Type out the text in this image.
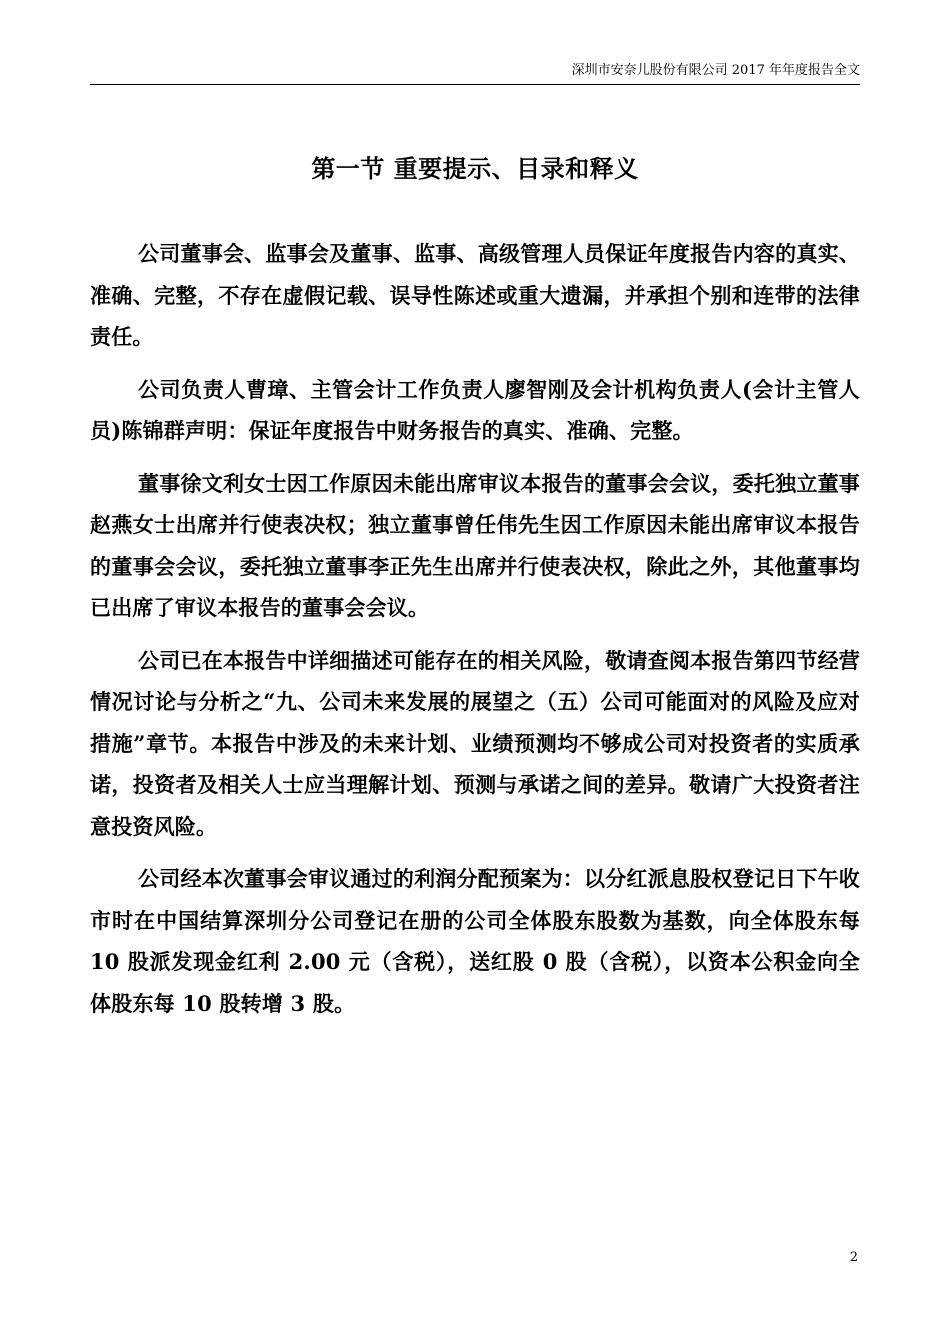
深圳市安奈儿股份有限公司 2017 年年度报告全文
第一节 重要提示、目录和释义

公司董事会、监事会及董事、监事、高级管理人员保证年度报告内容的真实、准确、完整，不存在虚假记载、误导性陈述或重大遗漏，并承担个别和连带的法律责任。

公司负责人曹璋、主管会计工作负责人廖智刚及会计机构负责人(会计主管人员)陈锦群声明：保证年度报告中财务报告的真实、准确、完整。

董事徐文利女士因工作原因未能出席审议本报告的董事会会议，委托独立董事赵燕女士出席并行使表决权；独立董事曾任伟先生因工作原因未能出席审议本报告的董事会会议，委托独立董事李正先生出席并行使表决权，除此之外，其他董事均已出席了审议本报告的董事会会议。

公司已在本报告中详细描述可能存在的相关风险，敬请查阅本报告第四节经营情况讨论与分析之“九、公司未来发展的展望之（五）公司可能面对的风险及应对措施”章节。本报告中涉及的未来计划、业绩预测均不够成公司对投资者的实质承诺，投资者及相关人士应当理解计划、预测与承诺之间的差异。敬请广大投资者注意投资风险。

公司经本次董事会审议通过的利润分配预案为：以分红派息股权登记日下午收市时在中国结算深圳分公司登记在册的公司全体股东股数为基数，向全体股东每 10 股派发现金红利 2.00 元（含税），送红股 0 股（含税），以资本公积金向全体股东每 10 股转增 3 股。

2
